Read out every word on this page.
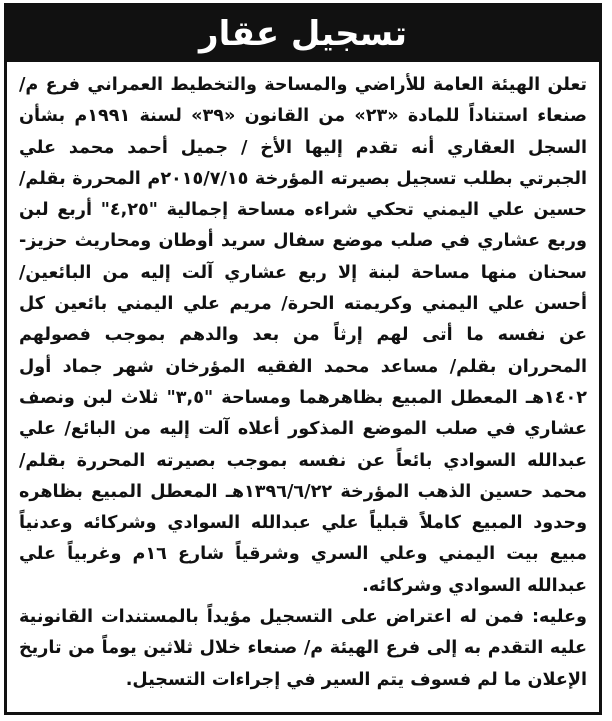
تسجيل عقار

تعلن الهيئة العامة للأراضي والمساحة والتخطيط العمراني فرع م/ صنعاء استناداً للمادة «٢٣» من القانون «٣٩» لسنة ١٩٩١م بشأن السجل العقاري أنه تقدم إليها الأخ / جميل أحمد محمد علي الجبرتي بطلب تسجيل بصيرته المؤرخة ٢٠١٥/٧/١٥م المحررة بقلم/ حسين علي اليمني تحكي شراءه مساحة إجمالية "٤,٢٥" أربع لبن وربع عشاري في صلب موضع سفال سريد أوطان ومحاريث حزيز- سحنان منها مساحة لبنة إلا ربع عشاري آلت إليه من البائعين/ أحسن علي اليمني وكريمته الحرة/ مريم علي اليمني بائعين كل عن نفسه ما أتى لهم إرثاً من بعد والدهم بموجب فصولهم المحرران بقلم/ مساعد محمد الفقيه المؤرخان شهر جماد أول ١٤٠٢هـ المعطل المبيع بظاهرهما ومساحة "٣,٥" ثلاث لبن ونصف عشاري في صلب الموضع المذكور أعلاه آلت إليه من البائع/ علي عبدالله السوادي بائعاً عن نفسه بموجب بصيرته المحررة بقلم/ محمد حسين الذهب المؤرخة ١٣٩٦/٦/٢٢هـ المعطل المبيع بظاهره وحدود المبيع كاملاً قبلياً علي عبدالله السوادي وشركائه وعدنياً مبيع بيت اليمني وعلي السري وشرقياً شارع ١٦م وغربياً علي عبدالله السوادي وشركائه.

وعليه: فمن له اعتراض على التسجيل مؤيداً بالمستندات القانونية عليه التقدم به إلى فرع الهيئة م/ صنعاء خلال ثلاثين يوماً من تاريخ الإعلان ما لم فسوف يتم السير في إجراءات التسجيل.
